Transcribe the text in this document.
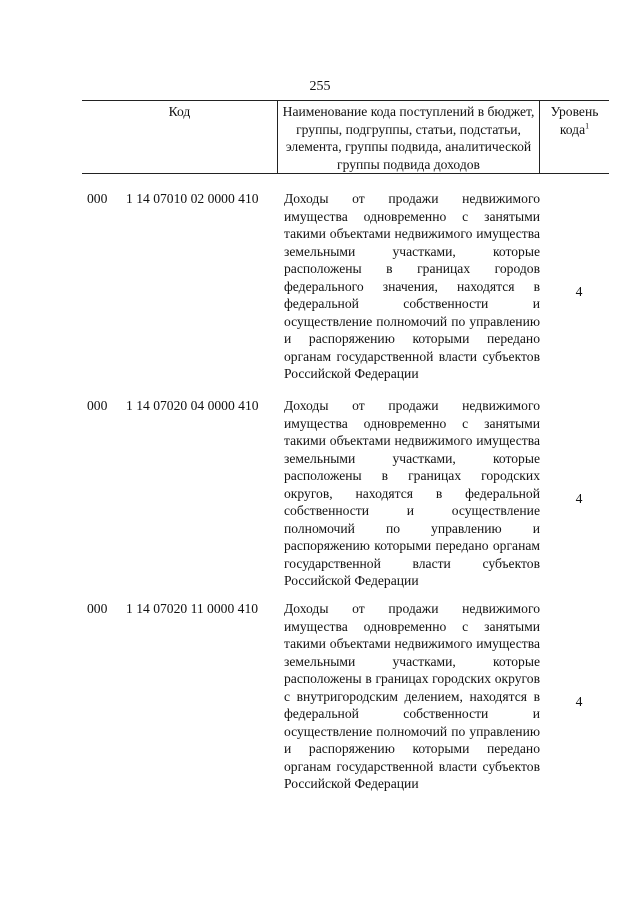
255
Код	Наименование кода поступлений в бюджет, группы, подгруппы, статьи, подстатьи, элемента, группы подвида, аналитической группы подвида доходов
Уровень кода$^1$
000 1 14 07010 02 0000 410 Доходы от продажи недвижимого имущества одновременно с занятыми такими объектами недвижимого имущества земельными участками, которые расположены в границах городов федерального значения, находятся в федеральной собственности и осуществление полномочий по управлению и распоряжению которыми передано органам государственной власти субъектов Российской Федерации
4
000 1 14 07020 04 0000 410 Доходы от продажи недвижимого имущества одновременно с занятыми такими объектами недвижимого имущества земельными участками, которые расположены в границах городских округов, находятся в федеральной собственности и осуществление полномочий по управлению и распоряжению которыми передано органам государственной власти субъектов Российской Федерации
4
000 1 14 07020 11 0000 410 Доходы от продажи недвижимого имущества одновременно с занятыми такими объектами недвижимого имущества земельными участками, которые расположены в границах городских округов с внутригородским делением, находятся в федеральной собственности и осуществление полномочий по управлению и распоряжению которыми передано органам государственной власти субъектов Российской Федерации
4
